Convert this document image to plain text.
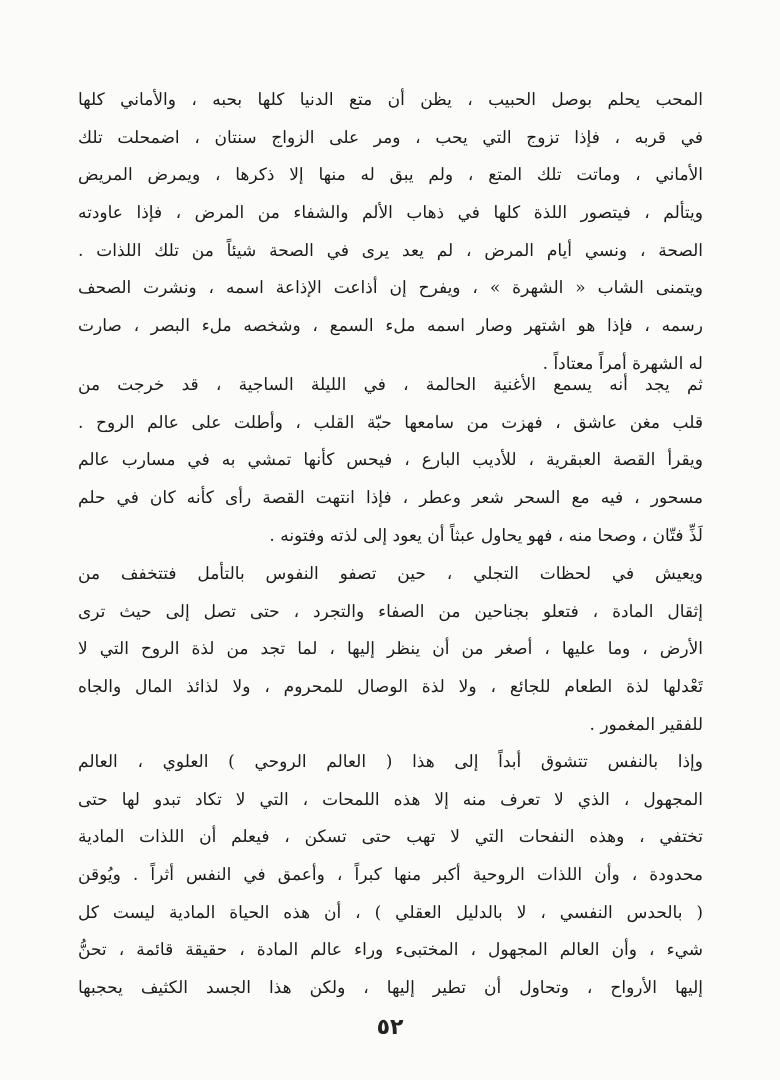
المحب يحلم بوصل الحبيب ، يظن أن متع الدنيا كلها بحبه ، والأماني كلها
في قربه ، فإذا تزوج التي يحب ، ومر على الزواج سنتان ، اضمحلت تلك
الأماني ، وماتت تلك المتع ، ولم يبق له منها إلا ذكرها ، ويمرض المريض
ويتألم ، فيتصور اللذة كلها في ذهاب الألم والشفاء من المرض ، فإذا عاودته
الصحة ، ونسي أيام المرض ، لم يعد يرى في الصحة شيئاً من تلك اللذات .
ويتمنى الشاب « الشهرة » ، ويفرح إن أذاعت الإذاعة اسمه ، ونشرت الصحف
رسمه ، فإذا هو اشتهر وصار اسمه ملء السمع ، وشخصه ملء البصر ، صارت
له الشهرة أمراً معتاداً .
ثم يجد أنه يسمع الأغنية الحالمة ، في الليلة الساجية ، قد خرجت من
قلب مغن عاشق ، فهزت من سامعها حبّة القلب ، وأطلت على عالم الروح .
ويقرأ القصة العبقرية ، للأديب البارع ، فيحس كأنها تمشي به في مسارب عالم
مسحور ، فيه مع السحر شعر وعطر ، فإذا انتهت القصة رأى كأنه كان في حلم
لَذِّ فتّان ، وصحا منه ، فهو يحاول عبثاً أن يعود إلى لذته وفتونه .
ويعيش في لحظات التجلي ، حين تصفو النفوس بالتأمل فتتخفف من
إثقال المادة ، فتعلو بجناحين من الصفاء والتجرد ، حتى تصل إلى حيث ترى
الأرض ، وما عليها ، أصغر من أن ينظر إليها ، لما تجد من لذة الروح التي لا
تَعْدلها لذة الطعام للجائع ، ولا لذة الوصال للمحروم ، ولا لذائذ المال والجاه
للفقير المغمور .
وإذا بالنفس تتشوق أبداً إلى هذا ( العالم الروحي ) العلوي ، العالم
المجهول ، الذي لا تعرف منه إلا هذه اللمحات ، التي لا تكاد تبدو لها حتى
تختفي ، وهذه النفحات التي لا تهب حتى تسكن ، فيعلم أن اللذات المادية
محدودة ، وأن اللذات الروحية أكبر منها كبراً ، وأعمق في النفس أثراً . ويُوقن
( بالحدس النفسي ، لا بالدليل العقلي ) ، أن هذه الحياة المادية ليست كل
شيء ، وأن العالم المجهول ، المختبىء وراء عالم المادة ، حقيقة قائمة ، تحنُّ
إليها الأرواح ، وتحاول أن تطير إليها ، ولكن هذا الجسد الكثيف يحجبها
٥٢
